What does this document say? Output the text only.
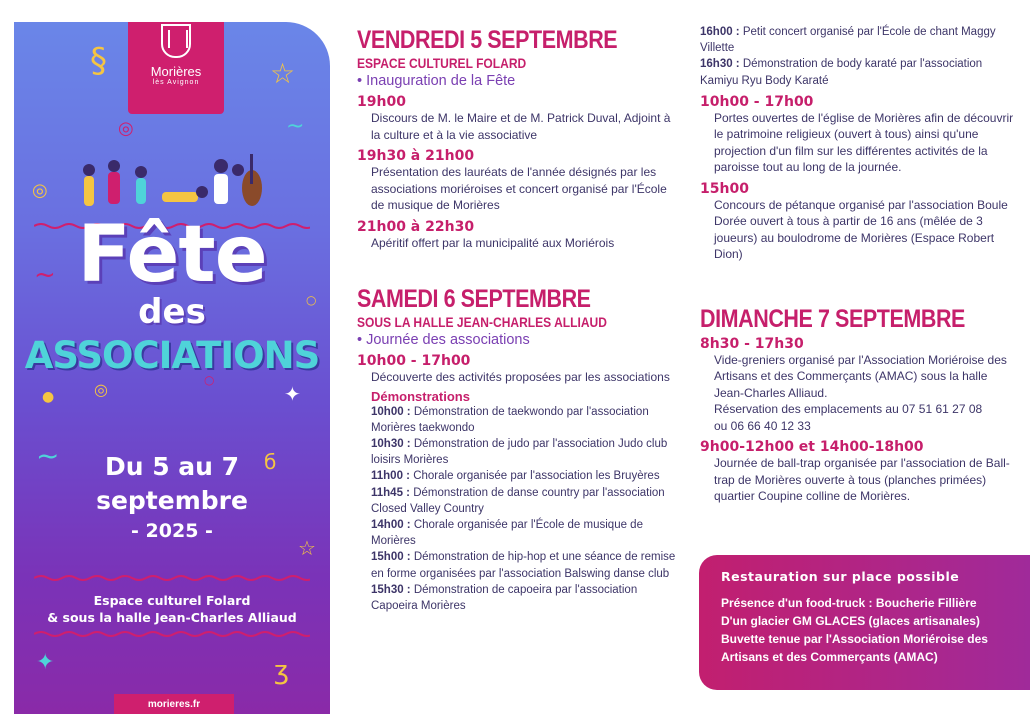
Morières
lès Avignon
§	☆
◎
◎
~
~
○
● ◎	○
✦
~	б
☆
✦	ʒ
Fête
des
ASSOCIATIONS
Du 5 au 7
septembre
- 2025 -
Espace culturel Folard
& sous la halle Jean-Charles Alliaud
morieres.fr
VENDREDI 5 SEPTEMBRE
ESPACE CULTUREL FOLARD
• Inauguration de la Fête
19h00
Discours de M. le Maire et de M. Patrick Duval, Adjoint à la culture et à la vie associative
19h30 à 21h00
Présentation des lauréats de l'année désignés par les associations moriéroises et concert organisé par l'École de musique de Morières
21h00 à 22h30
Apéritif offert par la municipalité aux Moriérois
SAMEDI 6 SEPTEMBRE
SOUS LA HALLE JEAN-CHARLES ALLIAUD
• Journée des associations
10h00 - 17h00
Découverte des activités proposées par les associations
Démonstrations
10h00 : Démonstration de taekwondo par l'association Morières taekwondo
10h30 : Démonstration de judo par l'association Judo club loisirs Morières
11h00 : Chorale organisée par l'association les Bruyères
11h45 : Démonstration de danse country par l'association Closed Valley Country
14h00 : Chorale organisée par l'École de musique de Morières
15h00 : Démonstration de hip-hop et une séance de remise en forme organisées par l'association Balswing danse club
15h30 : Démonstration de capoeira par l'association Capoeira Morières
16h00 : Petit concert organisé par l'École de chant Maggy Villette
16h30 : Démonstration de body karaté par l'association Kamiyu Ryu Body Karaté
10h00 - 17h00
Portes ouvertes de l'église de Morières afin de découvrir le patrimoine religieux (ouvert à tous) ainsi qu'une projection d'un film sur les différentes activités de la paroisse tout au long de la journée.
15h00
Concours de pétanque organisé par l'association Boule Dorée ouvert à tous à partir de 16 ans (mêlée de 3 joueurs) au boulodrome de Morières (Espace Robert Dion)
DIMANCHE 7 SEPTEMBRE
8h30 - 17h30
Vide-greniers organisé par l'Association Moriéroise des Artisans et des Commerçants (AMAC) sous la halle Jean-Charles Alliaud.
Réservation des emplacements au 07 51 61 27 08
ou 06 66 40 12 33
9h00-12h00 et 14h00-18h00
Journée de ball-trap organisée par l'association de Ball-trap de Morières ouverte à tous (planches primées) quartier Coupine colline de Morières.
Restauration sur place possible
Présence d'un food-truck : Boucherie Fillière
D'un glacier GM GLACES (glaces artisanales)
Buvette tenue par l'Association Moriéroise des
Artisans et des Commerçants (AMAC)
